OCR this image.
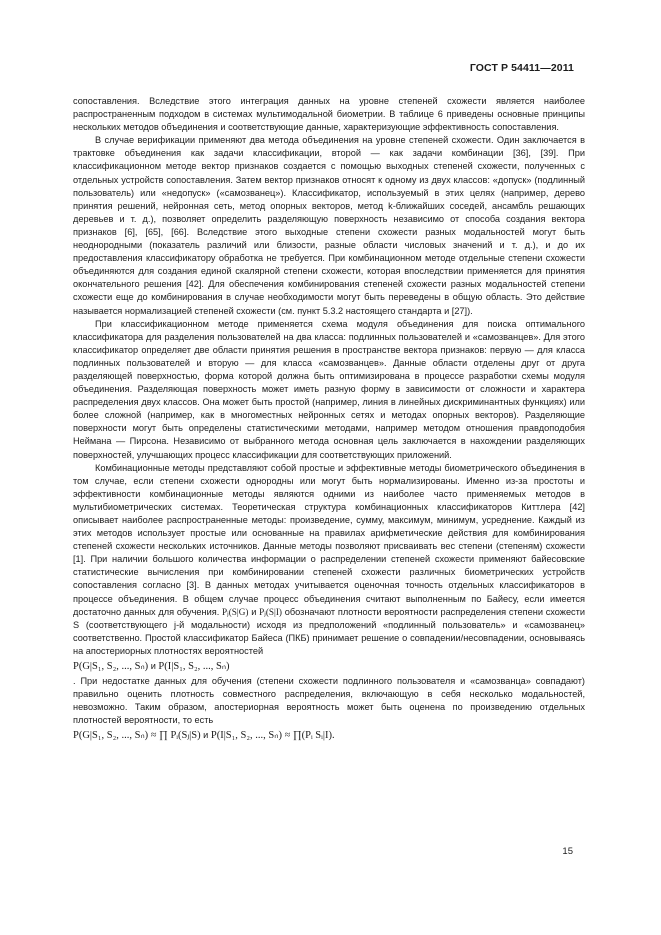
ГОСТ Р 54411—2011

сопоставления. Вследствие этого интеграция данных на уровне степеней схожести является наиболее распространенным подходом в системах мультимодальной биометрии. В таблице 6 приведены основные принципы нескольких методов объединения и соответствующие данные, характеризующие эффективность сопоставления.

В случае верификации применяют два метода объединения на уровне степеней схожести. Один заключается в трактовке объединения как задачи классификации, второй — как задачи комбинации [36], [39]. При классификационном методе вектор признаков создается с помощью выходных степеней схожести, полученных с отдельных устройств сопоставления. Затем вектор признаков относят к одному из двух классов: «допуск» (подлинный пользователь) или «недопуск» («самозванец»). Классификатор, используемый в этих целях (например, дерево принятия решений, нейронная сеть, метод опорных векторов, метод k-ближайших соседей, ансамбль решающих деревьев и т. д.), позволяет определить разделяющую поверхность независимо от способа создания вектора признаков [6], [65], [66]. Вследствие этого выходные степени схожести разных модальностей могут быть неоднородными (показатель различий или близости, разные области числовых значений и т. д.), и до их предоставления классификатору обработка не требуется. При комбинационном методе отдельные степени схожести объединяются для создания единой скалярной степени схожести, которая впоследствии применяется для принятия окончательного решения [42]. Для обеспечения комбинирования степеней схожести разных модальностей степени схожести еще до комбинирования в случае необходимости могут быть переведены в общую область. Это действие называется нормализацией степеней схожести (см. пункт 5.3.2 настоящего стандарта и [27]).

При классификационном методе применяется схема модуля объединения для поиска оптимального классификатора для разделения пользователей на два класса: подлинных пользователей и «самозванцев». Для этого классификатор определяет две области принятия решения в пространстве вектора признаков: первую — для класса подлинных пользователей и вторую — для класса «самозванцев». Данные области отделены друг от друга разделяющей поверхностью, форма которой должна быть оптимизирована в процессе разработки схемы модуля объединения. Разделяющая поверхность может иметь разную форму в зависимости от сложности и характера распределения двух классов. Она может быть простой (например, линия в линейных дискриминантных функциях) или более сложной (например, как в многоместных нейронных сетях и методах опорных векторов). Разделяющие поверхности могут быть определены статистическими методами, например методом отношения правдоподобия Неймана — Пирсона. Независимо от выбранного метода основная цель заключается в нахождении разделяющих поверхностей, улучшающих процесс классификации для соответствующих приложений.

Комбинационные методы представляют собой простые и эффективные методы биометрического объединения в том случае, если степени схожести однородны или могут быть нормализированы. Именно из-за простоты и эффективности комбинационные методы являются одними из наиболее часто применяемых методов в мультибиометрических системах. Теоретическая структура комбинационных классификаторов Киттлера [42] описывает наиболее распространенные методы: произведение, сумму, максимум, минимум, усреднение. Каждый из этих методов использует простые или основанные на правилах арифметические действия для комбинирования степеней схожести нескольких источников. Данные методы позволяют присваивать вес степени (степеням) схожести [1]. При наличии большого количества информации о распределении степеней схожести применяют байесовские статистические вычисления при комбинировании степеней схожести различных биометрических устройств сопоставления согласно [3]. В данных методах учитывается оценочная точность отдельных классификаторов в процессе объединения. В общем случае процесс объединения считают выполненным по Байесу, если имеется достаточно данных для обучения. Pⱼ(S|G) и Pⱼ(S|I) обозначают плотности вероятности распределения степени схожести S (соответствующего j-й модальности) исходя из предположений «подлинный пользователь» и «самозванец» соответственно. Простой классификатор Байеса (ПКБ) принимает решение о совпадении/несовпадении, основываясь на апостериорных плотностях вероятностей

P(G|S₁, S₂, ..., Sₙ) и P(I|S₁, S₂, ..., Sₙ)

. При недостатке данных для обучения (степени схожести подлинного пользователя и «самозванца» совпадают) правильно оценить плотность совместного распределения, включающую в себя несколько модальностей, невозможно. Таким образом, апостериорная вероятность может быть оценена по произведению отдельных плотностей вероятности, то есть

P(G|S₁, S₂, ..., Sₙ) ≈ ∏ Pᵢ(Sⱼ|S) и P(I|S₁, S₂, ..., Sₙ) ≈ ∏(Pᵢ Sᵢ|I).
15
